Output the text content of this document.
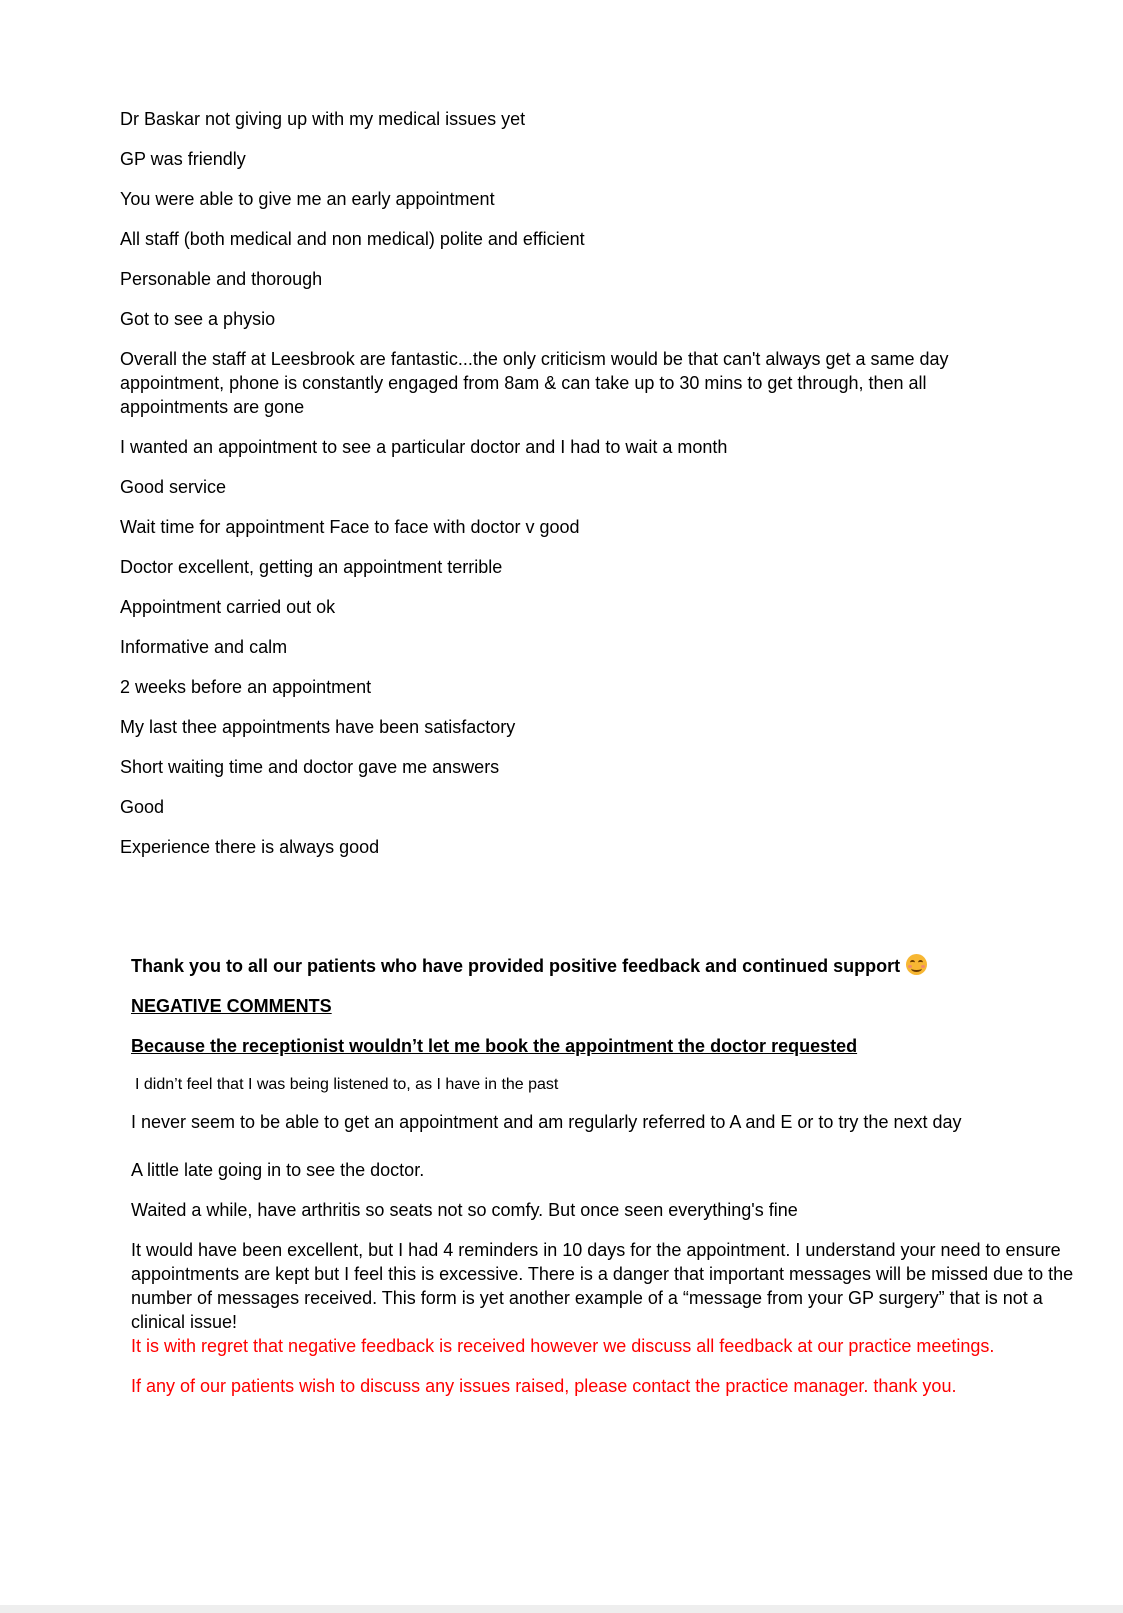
Dr Baskar not giving up with my medical issues yet

GP was friendly

You were able to give me an early appointment

All staff (both medical and non medical) polite and efficient

Personable and thorough

Got to see a physio

Overall the staff at Leesbrook are fantastic...the only criticism would be that can't always get a same day appointment, phone is constantly engaged from 8am & can take up to 30 mins to get through, then all appointments are gone

I wanted an appointment to see a particular doctor and I had to wait a month

Good service

Wait time for appointment Face to face with doctor v good

Doctor excellent, getting an appointment terrible

Appointment carried out ok

Informative and calm

2 weeks before an appointment

My last thee appointments have been satisfactory

Short waiting time and doctor gave me answers

Good

Experience there is always good

Thank you to all our patients who have provided positive feedback and continued support

NEGATIVE COMMENTS

Because the receptionist wouldn’t let me book the appointment the doctor requested

I didn’t feel that I was being listened to, as I have in the past

I never seem to be able to get an appointment and am regularly referred to A and E or to try the next day

A little late going in to see the doctor.

Waited a while, have arthritis so seats not so comfy. But once seen everything's fine

It would have been excellent, but I had 4 reminders in 10 days for the appointment. I understand your need to ensure appointments are kept but I feel this is excessive. There is a danger that important messages will be missed due to the number of messages received. This form is yet another example of a “message from your GP surgery” that is not a clinical issue!

It is with regret that negative feedback is received however we discuss all feedback at our practice meetings.

If any of our patients wish to discuss any issues raised, please contact the practice manager. thank you.
